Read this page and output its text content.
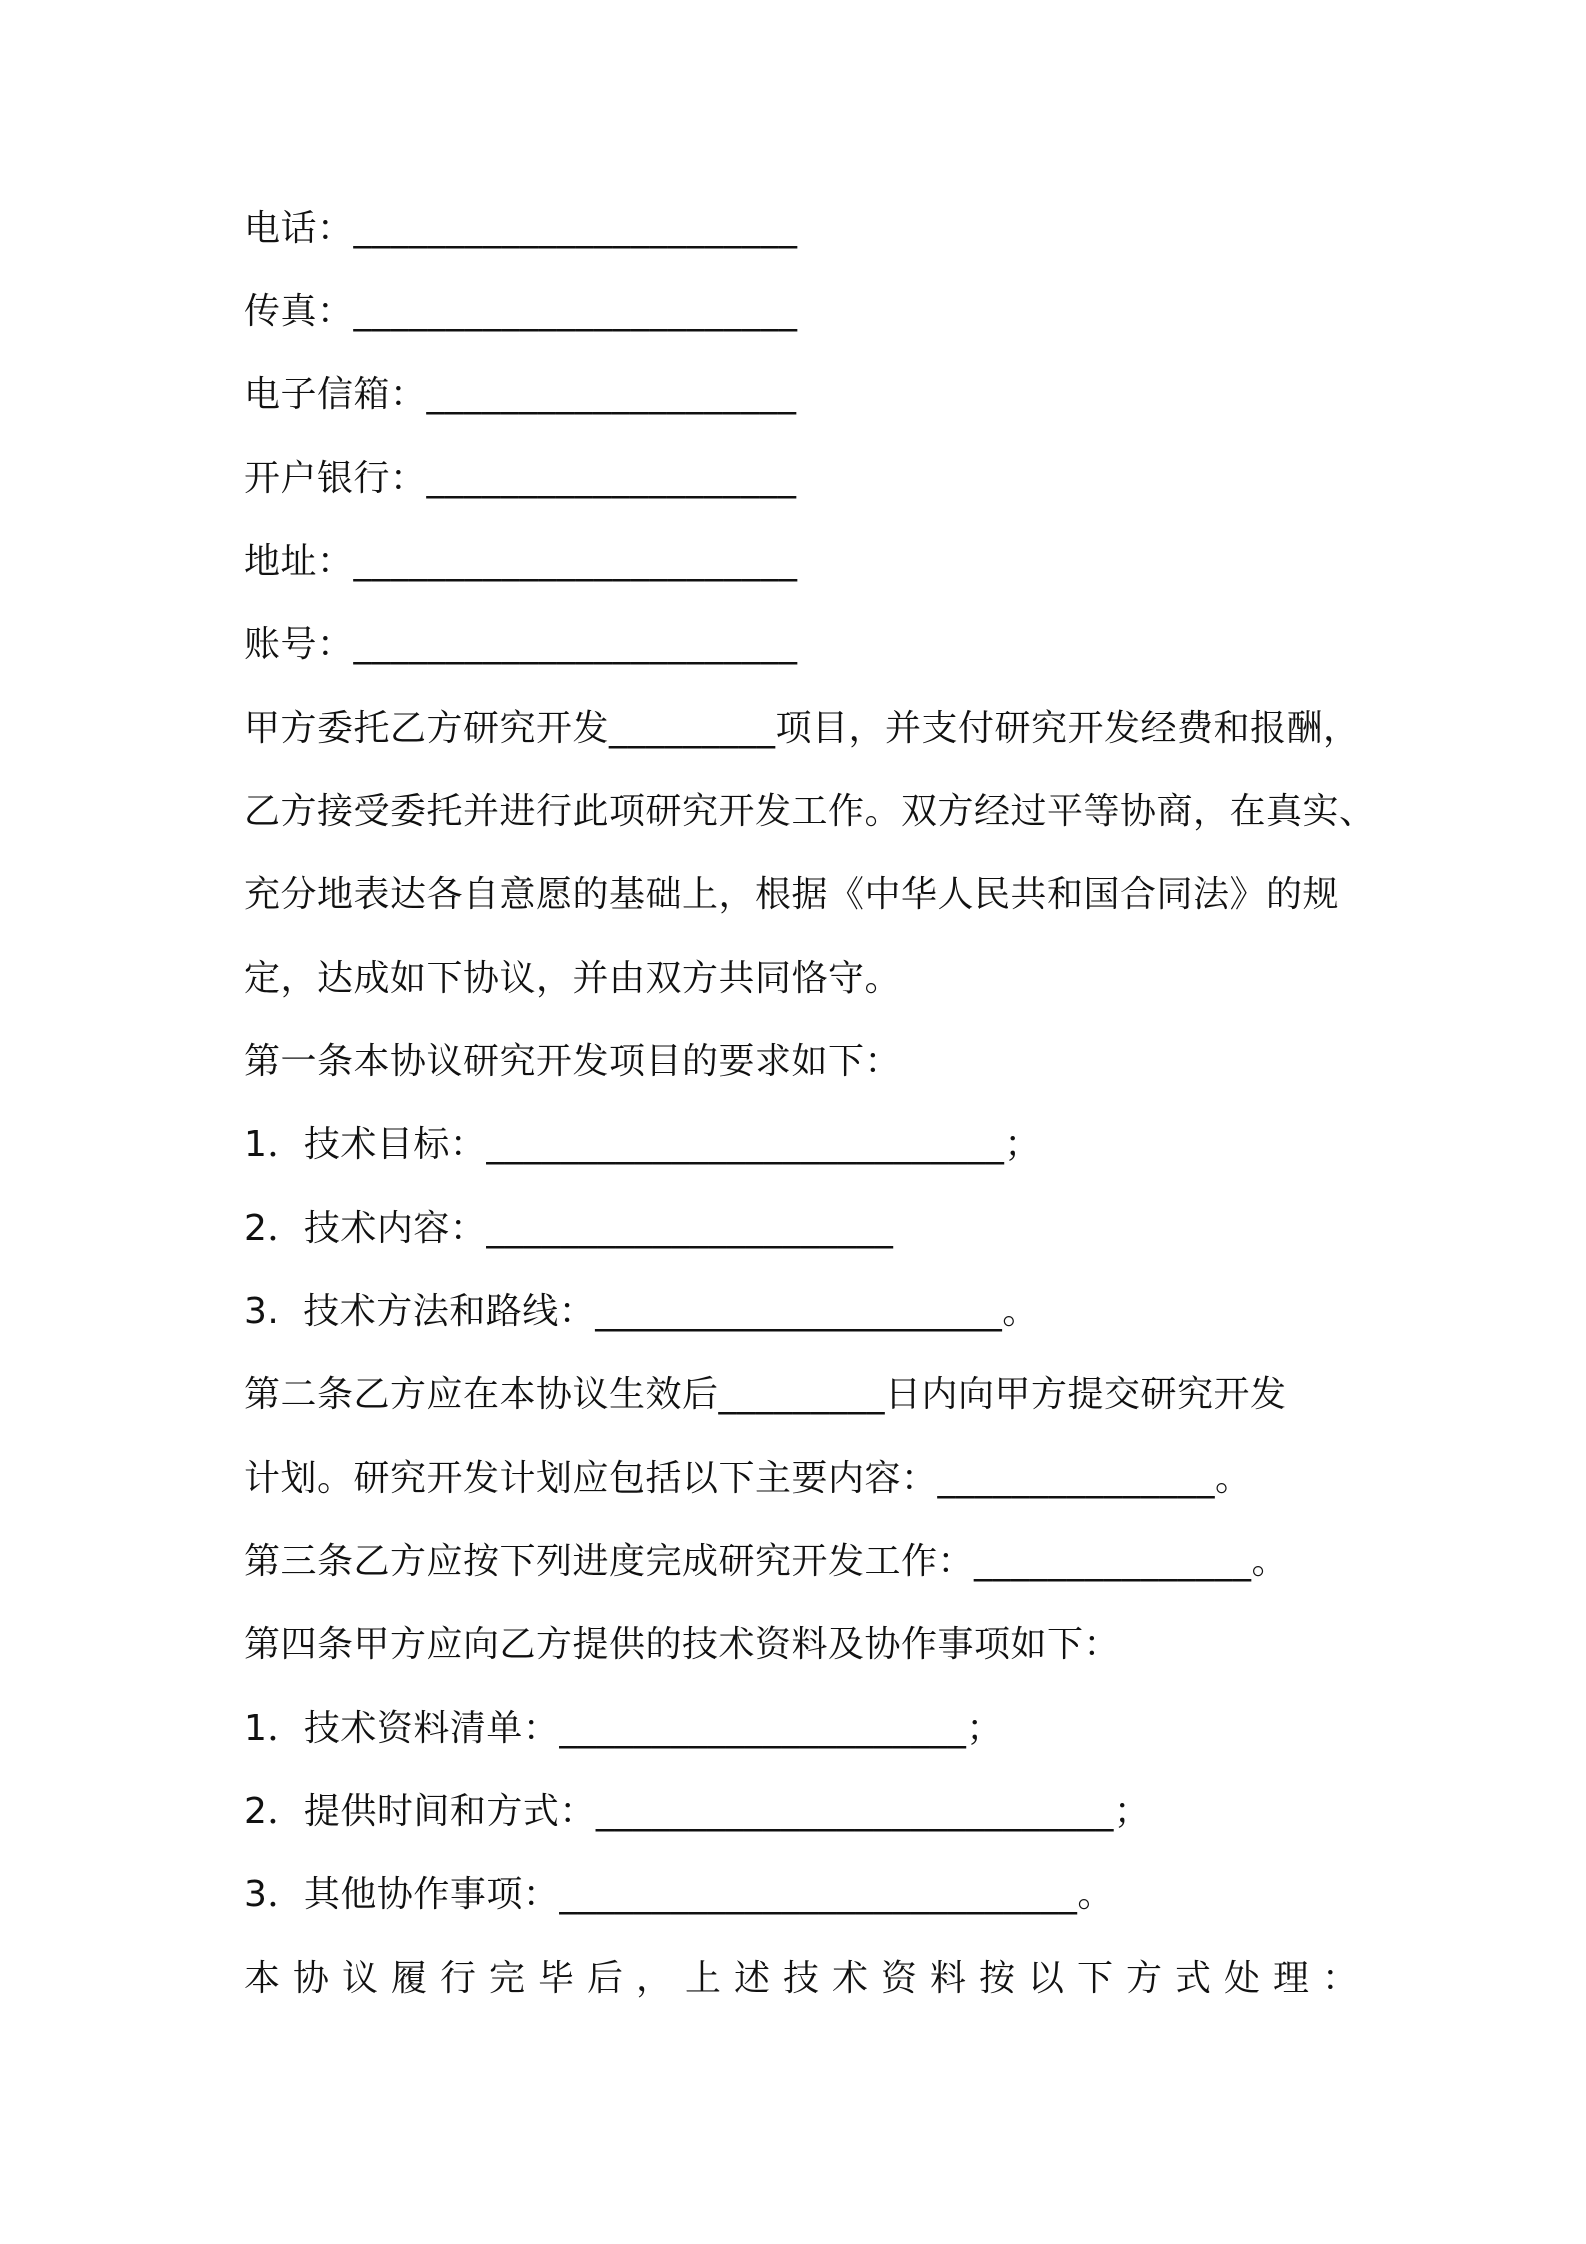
电话：________________________
传真：________________________
电子信箱：____________________
开户银行：____________________
地址：________________________
账号：________________________
甲方委托乙方研究开发_________项目，并支付研究开发经费和报酬，
乙方接受委托并进行此项研究开发工作。双方经过平等协商，在真实、
充分地表达各自意愿的基础上，根据《中华人民共和国合同法》的规
定，达成如下协议，并由双方共同恪守。
第一条本协议研究开发项目的要求如下：
1．技术目标：____________________________；
2．技术内容：______________________
3.  技术方法和路线：______________________。
第二条乙方应在本协议生效后_________日内向甲方提交研究开发
计划。研究开发计划应包括以下主要内容：_______________。
第三条乙方应按下列进度完成研究开发工作：_______________。
第四条甲方应向乙方提供的技术资料及协作事项如下：
1．技术资料清单：______________________；
2．提供时间和方式：____________________________；
3．其他协作事项：____________________________。
本协议履行完毕后，上述技术资料按以下方式处理：
